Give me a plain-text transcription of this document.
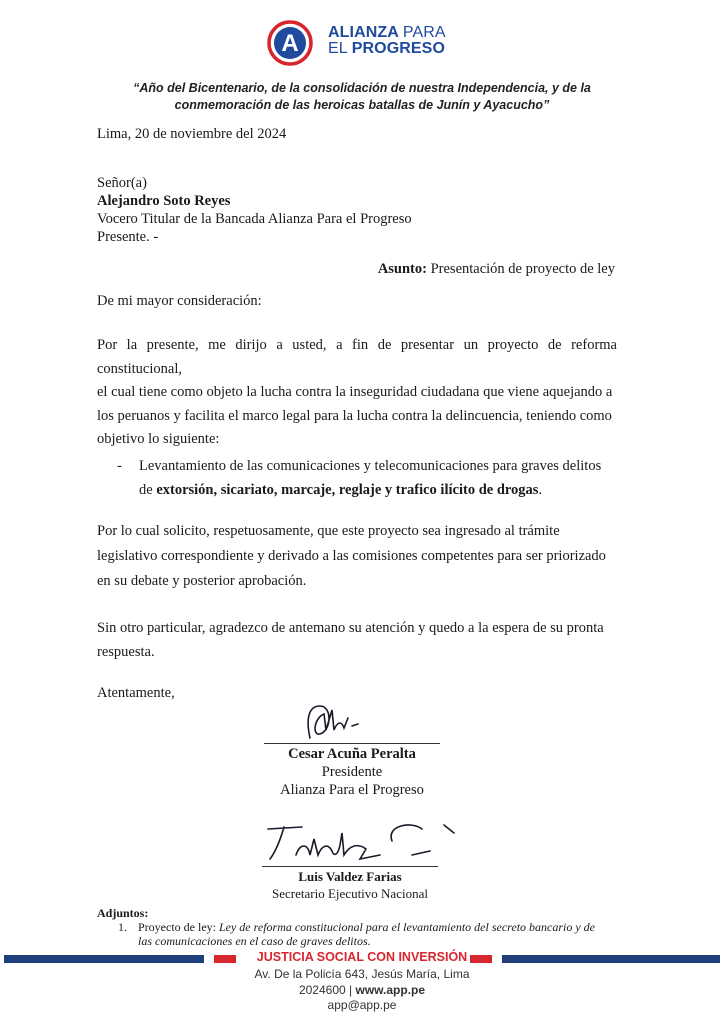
A ALIANZA PARA
EL PROGRESO
“Año del Bicentenario, de la consolidación de nuestra Independencia, y de la
conmemoración de las heroicas batallas de Junín y Ayacucho”
Lima, 20 de noviembre del 2024
Señor(a)
Alejandro Soto Reyes
Vocero Titular de la Bancada Alianza Para el Progreso
Presente. -
Asunto: Presentación de proyecto de ley
De mi mayor consideración:
Por la presente, me dirijo a usted, a fin de presentar un proyecto de reforma constitucional,
el cual tiene como objeto la lucha contra la inseguridad ciudadana que viene aquejando a
los peruanos y facilita el marco legal para la lucha contra la delincuencia, teniendo como
objetivo lo siguiente:
- Levantamiento de las comunicaciones y telecomunicaciones para graves delitos
de extorsión, sicariato, marcaje, reglaje y trafico ilícito de drogas.
Por lo cual solicito, respetuosamente, que este proyecto sea ingresado al trámite
legislativo correspondiente y derivado a las comisiones competentes para ser priorizado
en su debate y posterior aprobación.
Sin otro particular, agradezco de antemano su atención y quedo a la espera de su pronta
respuesta.
Atentamente,
Cesar Acuña Peralta
Presidente
Alianza Para el Progreso
Luis Valdez Farias
Secretario Ejecutivo Nacional
Adjuntos:
1. Proyecto de ley: Ley de reforma constitucional para el levantamiento del secreto bancario y de
las comunicaciones en el caso de graves delitos.
JUSTICIA SOCIAL CON INVERSIÓN
Av. De la Policía 643, Jesús María, Lima
2024600 | www.app.pe
app@app.pe
